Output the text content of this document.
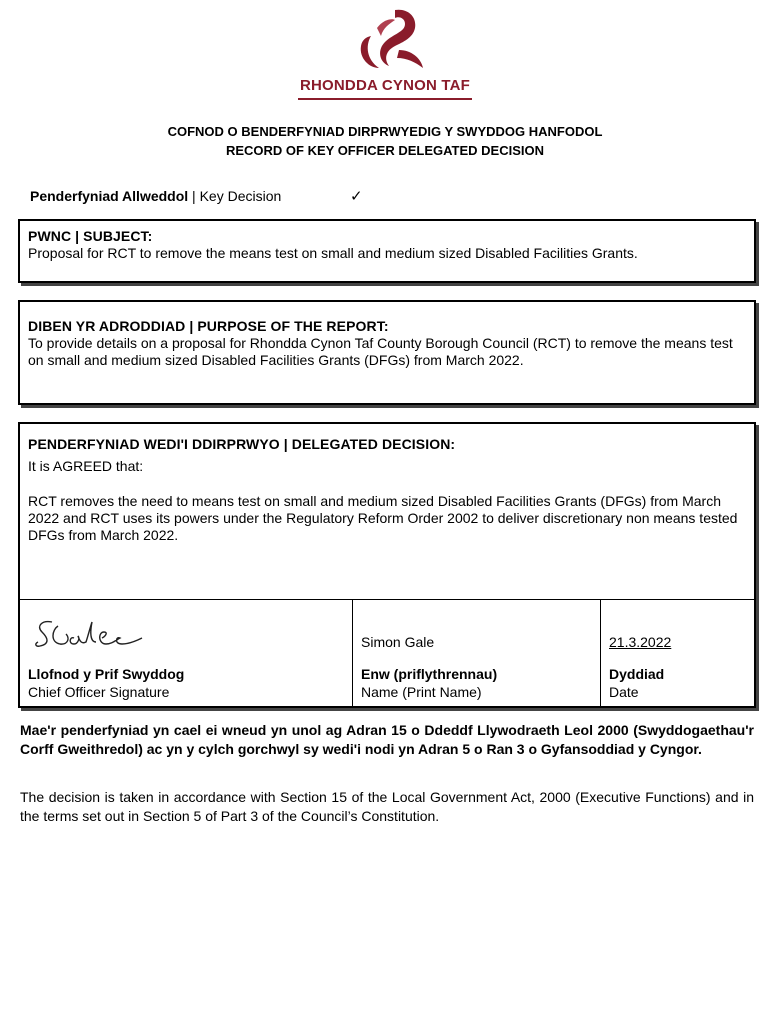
RHONDDA CYNON TAF
COFNOD O BENDERFYNIAD DIRPRWYEDIG Y SWYDDOG HANFODOL
RECORD OF KEY OFFICER DELEGATED DECISION
Penderfyniad Allweddol | Key Decision	✓
PWNC | SUBJECT:
Proposal for RCT to remove the means test on small and medium sized Disabled Facilities Grants.
DIBEN YR ADRODDIAD | PURPOSE OF THE REPORT:
To provide details on a proposal for Rhondda Cynon Taf County Borough Council (RCT) to remove the means test on small and medium sized Disabled Facilities Grants (DFGs) from March 2022.
PENDERFYNIAD WEDI'I DDIRPRWYO | DELEGATED DECISION:
It is AGREED that:
RCT removes the need to means test on small and medium sized Disabled Facilities Grants (DFGs) from March 2022 and RCT uses its powers under the Regulatory Reform Order 2002 to deliver discretionary non means tested DFGs from March 2022.
Llofnod y Prif Swyddog
Chief Officer Signature
Simon Gale
Enw (priflythrennau)
Name (Print Name)
21.3.2022
Dyddiad
Date
Mae'r penderfyniad yn cael ei wneud yn unol ag Adran 15 o Ddeddf Llywodraeth Leol 2000 (Swyddogaethau'r Corff Gweithredol) ac yn y cylch gorchwyl sy wedi'i nodi yn Adran 5 o Ran 3 o Gyfansoddiad y Cyngor.
The decision is taken in accordance with Section 15 of the Local Government Act, 2000 (Executive Functions) and in the terms set out in Section 5 of Part 3 of the Council’s Constitution.
